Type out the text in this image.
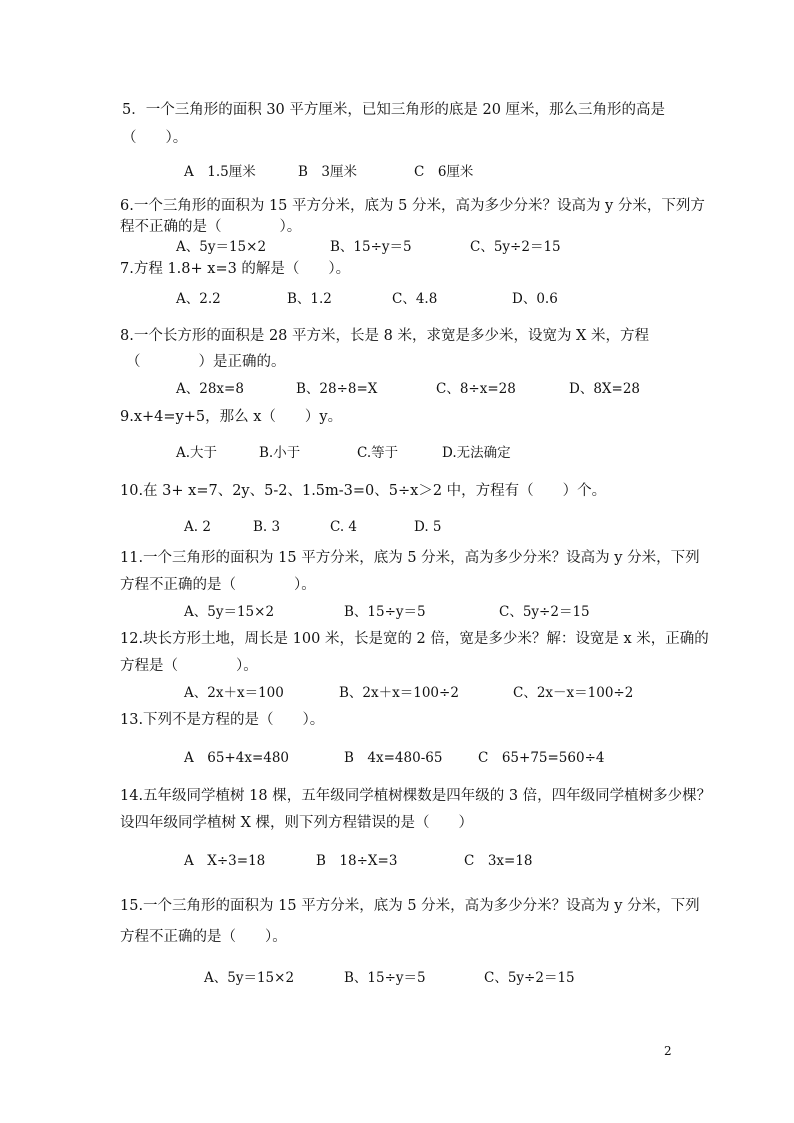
5．一个三角形的面积 30 平方厘米，已知三角形的底是 20 厘米，那么三角形的高是
（　　）。
A　1.5厘米	B　3厘米	C　6厘米
6.一个三角形的面积为 15 平方分米，底为 5 分米，高为多少分米？设高为 y 分米，下列方
程不正确的是（　　　　）。
A、5y＝15×2	B、15÷y＝5	C、5y÷2＝15
7.方程 1.8+ x=3 的解是（　　）。
A、2.2	B、1.2	C、4.8	D、0.6
8.一个长方形的面积是 28 平方米，长是 8 米，求宽是多少米，设宽为 X 米，方程
（　　　　）是正确的。
A、28x=8	B、28÷8=X	C、8÷x=28	D、8X=28
9.x+4=y+5，那么 x（　　）y。
A.大于	B.小于	C.等于	D.无法确定
10.在 3+ x=7、2y、5-2、1.5m-3=0、5÷x＞2 中，方程有（　　）个。
A. 2	B. 3	C. 4	D. 5
11.一个三角形的面积为 15 平方分米，底为 5 分米，高为多少分米？设高为 y 分米，下列
方程不正确的是（　　　　）。
A、5y＝15×2	B、15÷y＝5	C、5y÷2＝15
12.块长方形土地，周长是 100 米，长是宽的 2 倍，宽是多少米？解：设宽是 x 米，正确的
方程是（　　　　）。
A、2x＋x＝100	B、2x＋x＝100÷2	C、2x－x＝100÷2
13.下列不是方程的是（　　）。
A　65+4x=480	B　4x=480-65	C　65+75=560÷4
14.五年级同学植树 18 棵，五年级同学植树棵数是四年级的 3 倍，四年级同学植树多少棵？
设四年级同学植树 X 棵，则下列方程错误的是（　　）
A　X÷3=18	B　18÷X=3	C　3x=18
15.一个三角形的面积为 15 平方分米，底为 5 分米，高为多少分米？设高为 y 分米，下列
方程不正确的是（　　）。
A、5y＝15×2	B、15÷y＝5	C、5y÷2＝15
2
